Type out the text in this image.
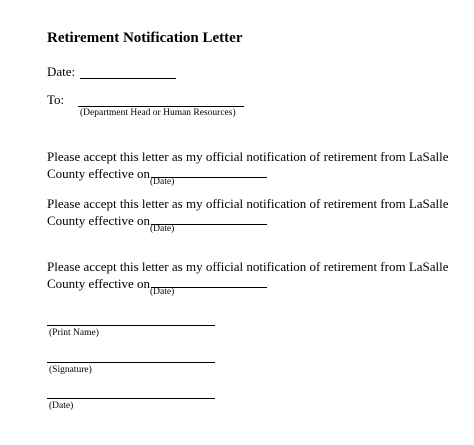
Retirement Notification Letter
Date:
To:
(Department Head or Human Resources)
Please accept this letter as my official notification of retirement from LaSalle
County effective on
(Date)
Please accept this letter as my official notification of retirement from LaSalle
County effective on
(Date)
Please accept this letter as my official notification of retirement from LaSalle
County effective on
(Date)
(Print Name)
(Signature)
(Date)
